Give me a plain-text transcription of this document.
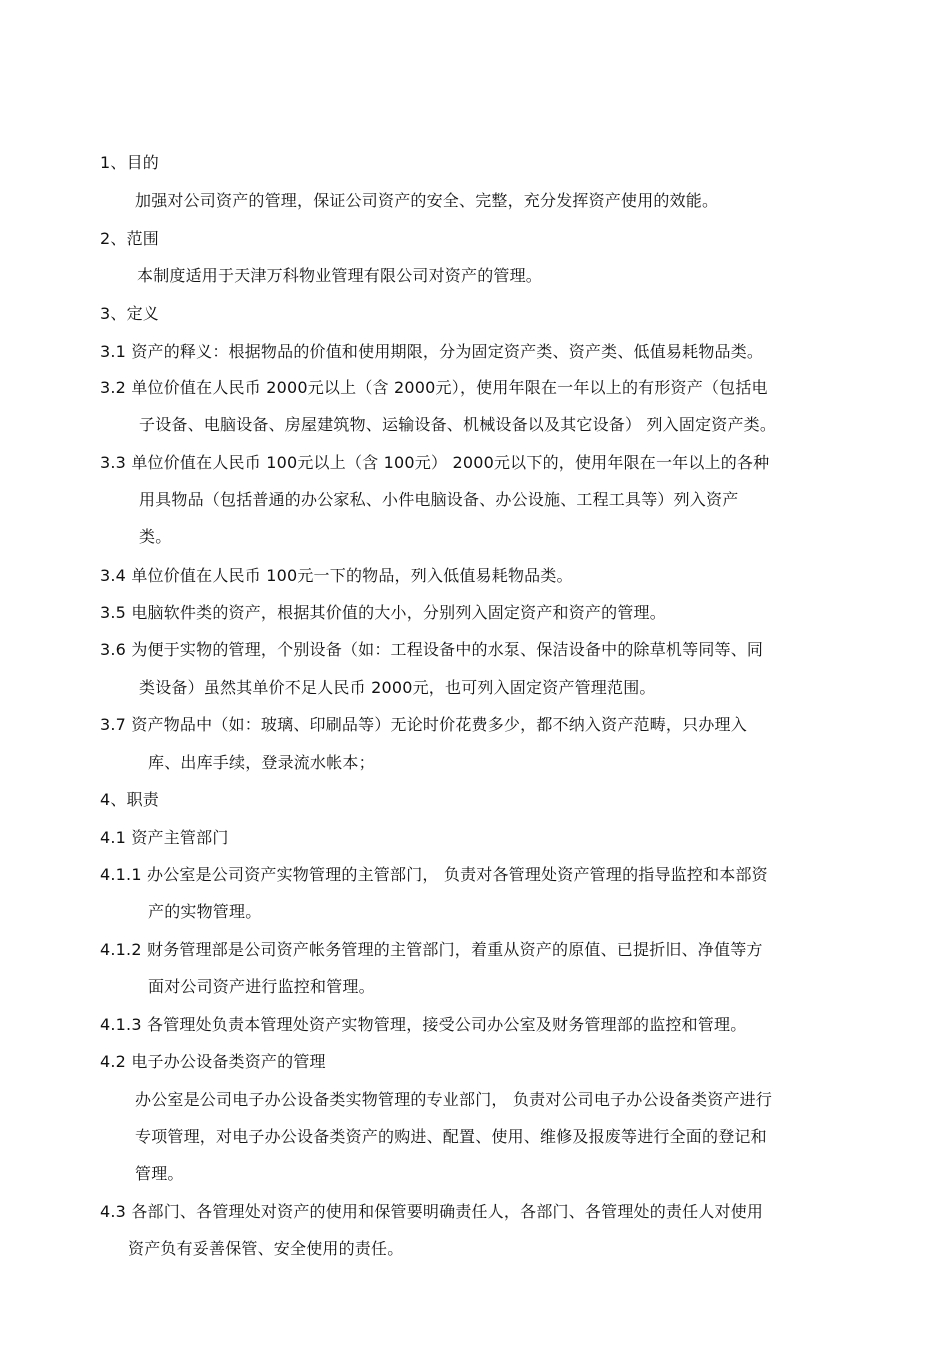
1、目的
加强对公司资产的管理，保证公司资产的安全、完整，充分发挥资产使用的效能。
2、范围
本制度适用于天津万科物业管理有限公司对资产的管理。
3、定义
3.1 资产的释义：根据物品的价值和使用期限，分为固定资产类、资产类、低值易耗物品类。
3.2 单位价值在人民币 2000元以上（含 2000元），使用年限在一年以上的有形资产（包括电
子设备、电脑设备、房屋建筑物、运输设备、机械设备以及其它设备） 列入固定资产类。
3.3 单位价值在人民币 100元以上（含 100元） 2000元以下的，使用年限在一年以上的各种
用具物品（包括普通的办公家私、小件电脑设备、办公设施、工程工具等）列入资产
类。
3.4 单位价值在人民币 100元一下的物品，列入低值易耗物品类。
3.5 电脑软件类的资产，根据其价值的大小，分别列入固定资产和资产的管理。
3.6 为便于实物的管理，个别设备（如：工程设备中的水泵、保洁设备中的除草机等同等、同
类设备）虽然其单价不足人民币 2000元，也可列入固定资产管理范围。
3.7 资产物品中（如：玻璃、印刷品等）无论时价花费多少，都不纳入资产范畴，只办理入
库、出库手续，登录流水帐本；
4、职责
4.1 资产主管部门
4.1.1 办公室是公司资产实物管理的主管部门， 负责对各管理处资产管理的指导监控和本部资
产的实物管理。
4.1.2 财务管理部是公司资产帐务管理的主管部门，着重从资产的原值、已提折旧、净值等方
面对公司资产进行监控和管理。
4.1.3 各管理处负责本管理处资产实物管理，接受公司办公室及财务管理部的监控和管理。
4.2 电子办公设备类资产的管理
办公室是公司电子办公设备类实物管理的专业部门， 负责对公司电子办公设备类资产进行
专项管理，对电子办公设备类资产的购进、配置、使用、维修及报废等进行全面的登记和
管理。
4.3 各部门、各管理处对资产的使用和保管要明确责任人，各部门、各管理处的责任人对使用
资产负有妥善保管、安全使用的责任。
